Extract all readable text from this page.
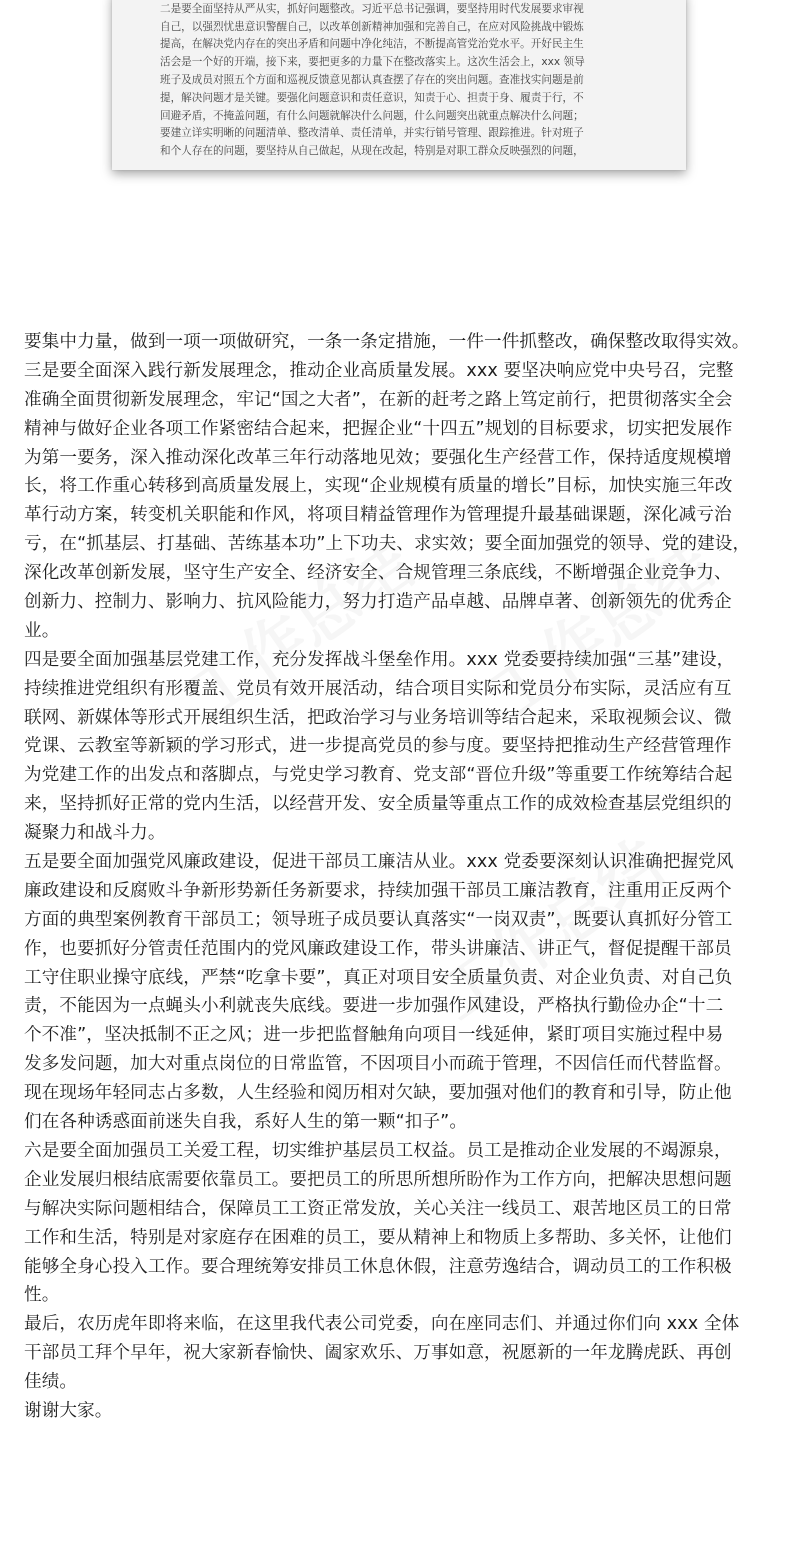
二是要全面坚持从严从实，抓好问题整改。习近平总书记强调，要坚持用时代发展要求审视
自己，以强烈忧患意识警醒自己，以改革创新精神加强和完善自己，在应对风险挑战中锻炼
提高，在解决党内存在的突出矛盾和问题中净化纯洁，不断提高管党治党水平。开好民主生
活会是一个好的开端，接下来，要把更多的力量下在整改落实上。这次生活会上，xxx 领导
班子及成员对照五个方面和巡视反馈意见都认真查摆了存在的突出问题。查准找实问题是前
提，解决问题才是关键。要强化问题意识和责任意识，知责于心、担责于身、履责于行，不
回避矛盾，不掩盖问题，有什么问题就解决什么问题，什么问题突出就重点解决什么问题；
要建立详实明晰的问题清单、整改清单、责任清单，并实行销号管理、跟踪推进。针对班子
和个人存在的问题，要坚持从自己做起，从现在改起，特别是对职工群众反映强烈的问题，
要集中力量，做到一项一项做研究，一条一条定措施，一件一件抓整改，确保整改取得实效。
三是要全面深入践行新发展理念，推动企业高质量发展。xxx 要坚决响应党中央号召，完整
准确全面贯彻新发展理念，牢记“国之大者”，在新的赶考之路上笃定前行，把贯彻落实全会
精神与做好企业各项工作紧密结合起来，把握企业“十四五”规划的目标要求，切实把发展作
为第一要务，深入推动深化改革三年行动落地见效；要强化生产经营工作，保持适度规模增
长，将工作重心转移到高质量发展上，实现“企业规模有质量的增长”目标，加快实施三年改
革行动方案，转变机关职能和作风，将项目精益管理作为管理提升最基础课题，深化减亏治
亏，在“抓基层、打基础、苦练基本功”上下功夫、求实效；要全面加强党的领导、党的建设，
深化改革创新发展，坚守生产安全、经济安全、合规管理三条底线，不断增强企业竞争力、
创新力、控制力、影响力、抗风险能力，努力打造产品卓越、品牌卓著、创新领先的优秀企
业。
四是要全面加强基层党建工作，充分发挥战斗堡垒作用。xxx 党委要持续加强“三基”建设，
持续推进党组织有形覆盖、党员有效开展活动，结合项目实际和党员分布实际，灵活应有互
联网、新媒体等形式开展组织生活，把政治学习与业务培训等结合起来，采取视频会议、微
党课、云教室等新颖的学习形式，进一步提高党员的参与度。要坚持把推动生产经营管理作
为党建工作的出发点和落脚点，与党史学习教育、党支部“晋位升级”等重要工作统筹结合起
来，坚持抓好正常的党内生活，以经营开发、安全质量等重点工作的成效检查基层党组织的
凝聚力和战斗力。
五是要全面加强党风廉政建设，促进干部员工廉洁从业。xxx 党委要深刻认识准确把握党风
廉政建设和反腐败斗争新形势新任务新要求，持续加强干部员工廉洁教育，注重用正反两个
方面的典型案例教育干部员工；领导班子成员要认真落实“一岗双责”，既要认真抓好分管工
作，也要抓好分管责任范围内的党风廉政建设工作，带头讲廉洁、讲正气，督促提醒干部员
工守住职业操守底线，严禁“吃拿卡要”，真正对项目安全质量负责、对企业负责、对自己负
责，不能因为一点蝇头小利就丧失底线。要进一步加强作风建设，严格执行勤俭办企“十二
个不准”，坚决抵制不正之风；进一步把监督触角向项目一线延伸，紧盯项目实施过程中易
发多发问题，加大对重点岗位的日常监管，不因项目小而疏于管理，不因信任而代替监督。
现在现场年轻同志占多数，人生经验和阅历相对欠缺，要加强对他们的教育和引导，防止他
们在各种诱惑面前迷失自我，系好人生的第一颗“扣子”。
六是要全面加强员工关爱工程，切实维护基层员工权益。员工是推动企业发展的不竭源泉，
企业发展归根结底需要依靠员工。要把员工的所思所想所盼作为工作方向，把解决思想问题
与解决实际问题相结合，保障员工工资正常发放，关心关注一线员工、艰苦地区员工的日常
工作和生活，特别是对家庭存在困难的员工，要从精神上和物质上多帮助、多关怀，让他们
能够全身心投入工作。要合理统筹安排员工休息休假，注意劳逸结合，调动员工的工作积极
性。
最后，农历虎年即将来临，在这里我代表公司党委，向在座同志们、并通过你们向 xxx 全体
干部员工拜个早年，祝大家新春愉快、阖家欢乐、万事如意，祝愿新的一年龙腾虎跃、再创
佳绩。
谢谢大家。
